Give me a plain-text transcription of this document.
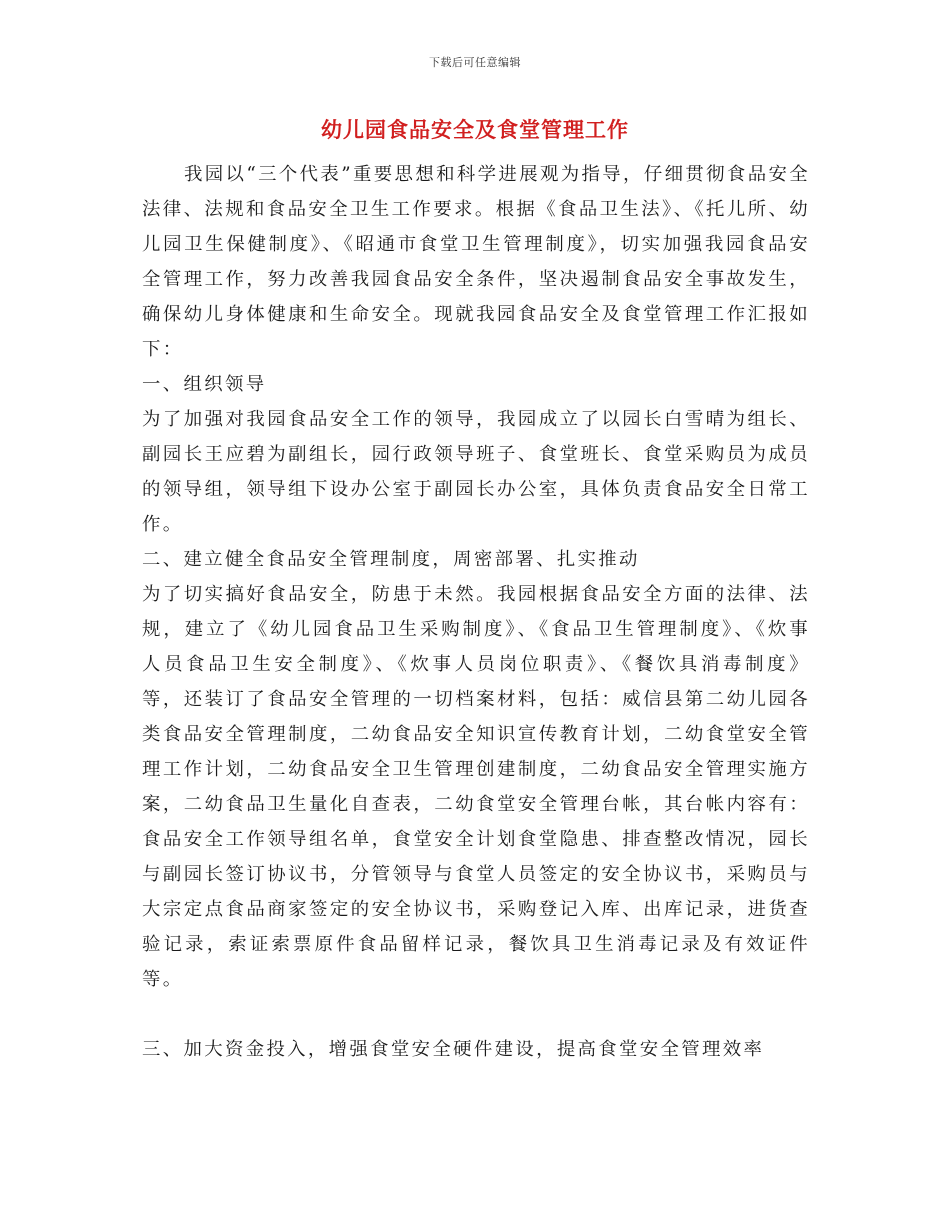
下载后可任意编辑
幼儿园食品安全及食堂管理工作

我园以“三个代表”重要思想和科学进展观为指导，仔细贯彻食品安全法律、法规和食品安全卫生工作要求。根据《食品卫生法》、《托儿所、幼儿园卫生保健制度》、《昭通市食堂卫生管理制度》，切实加强我园食品安全管理工作，努力改善我园食品安全条件，坚决遏制食品安全事故发生，确保幼儿身体健康和生命安全。现就我园食品安全及食堂管理工作汇报如下：

一、组织领导

为了加强对我园食品安全工作的领导，我园成立了以园长白雪晴为组长、副园长王应碧为副组长，园行政领导班子、食堂班长、食堂采购员为成员的领导组，领导组下设办公室于副园长办公室，具体负责食品安全日常工作。

二、建立健全食品安全管理制度，周密部署、扎实推动

为了切实搞好食品安全，防患于未然。我园根据食品安全方面的法律、法规，建立了《幼儿园食品卫生采购制度》、《食品卫生管理制度》、《炊事人员食品卫生安全制度》、《炊事人员岗位职责》、《餐饮具消毒制度》等，还装订了食品安全管理的一切档案材料，包括：威信县第二幼儿园各类食品安全管理制度，二幼食品安全知识宣传教育计划，二幼食堂安全管理工作计划，二幼食品安全卫生管理创建制度，二幼食品安全管理实施方案，二幼食品卫生量化自查表，二幼食堂安全管理台帐，其台帐内容有：食品安全工作领导组名单，食堂安全计划食堂隐患、排查整改情况，园长与副园长签订协议书，分管领导与食堂人员签定的安全协议书，采购员与大宗定点食品商家签定的安全协议书，采购登记入库、出库记录，进货查验记录，索证索票原件食品留样记录，餐饮具卫生消毒记录及有效证件等。

三、加大资金投入，增强食堂安全硬件建设，提高食堂安全管理效率
